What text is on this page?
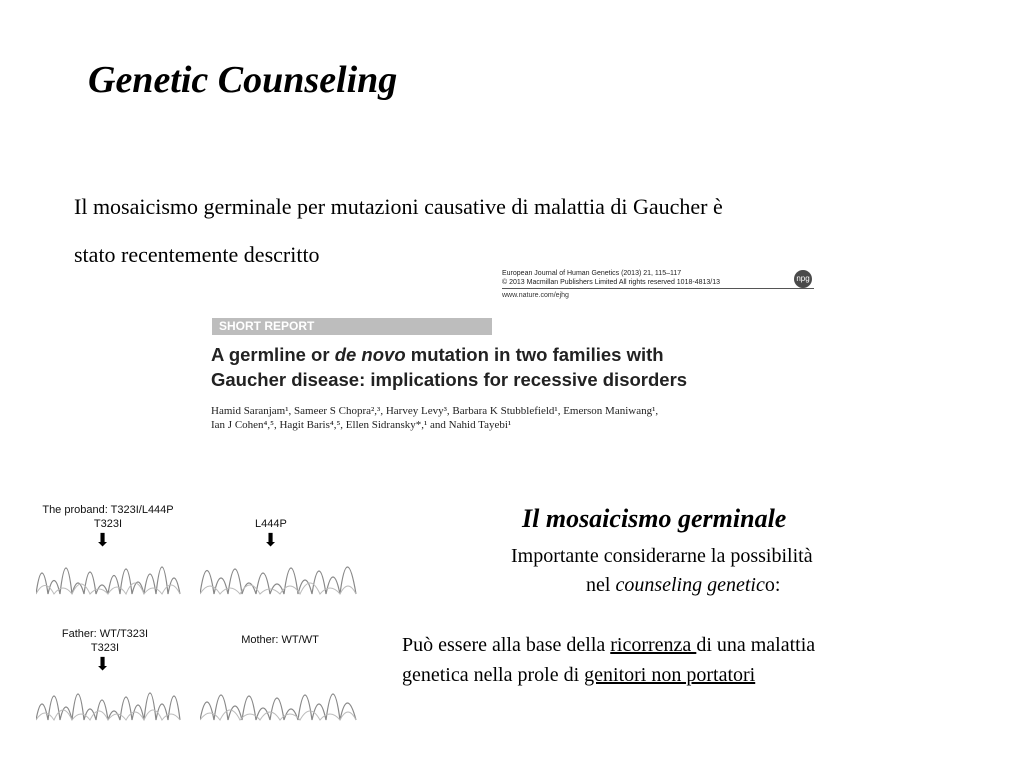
Genetic Counseling
Il mosaicismo germinale per mutazioni causative di malattia di Gaucher è
stato recentemente descritto
European Journal of Human Genetics (2013) 21, 115–117
© 2013 Macmillan Publishers Limited All rights reserved 1018-4813/13	npg
www.nature.com/ejhg
SHORT REPORT
A germline or de novo mutation in two families with
Gaucher disease: implications for recessive disorders
Hamid Saranjam¹, Sameer S Chopra²,³, Harvey Levy³, Barbara K Stubblefield¹, Emerson Maniwang¹,
Ian J Cohen⁴,⁵, Hagit Baris⁴,⁵, Ellen Sidransky*,¹ and Nahid Tayebi¹
The proband: T323I/L444P
T323I
⬇
L444P
⬇
Father: WT/T323I
T323I
⬇
Mother: WT/WT
Il mosaicismo germinale
Importante considerarne la possibilità
nel counseling genetico:
Può essere alla base della ricorrenza di una malattia
genetica nella prole di genitori non portatori
